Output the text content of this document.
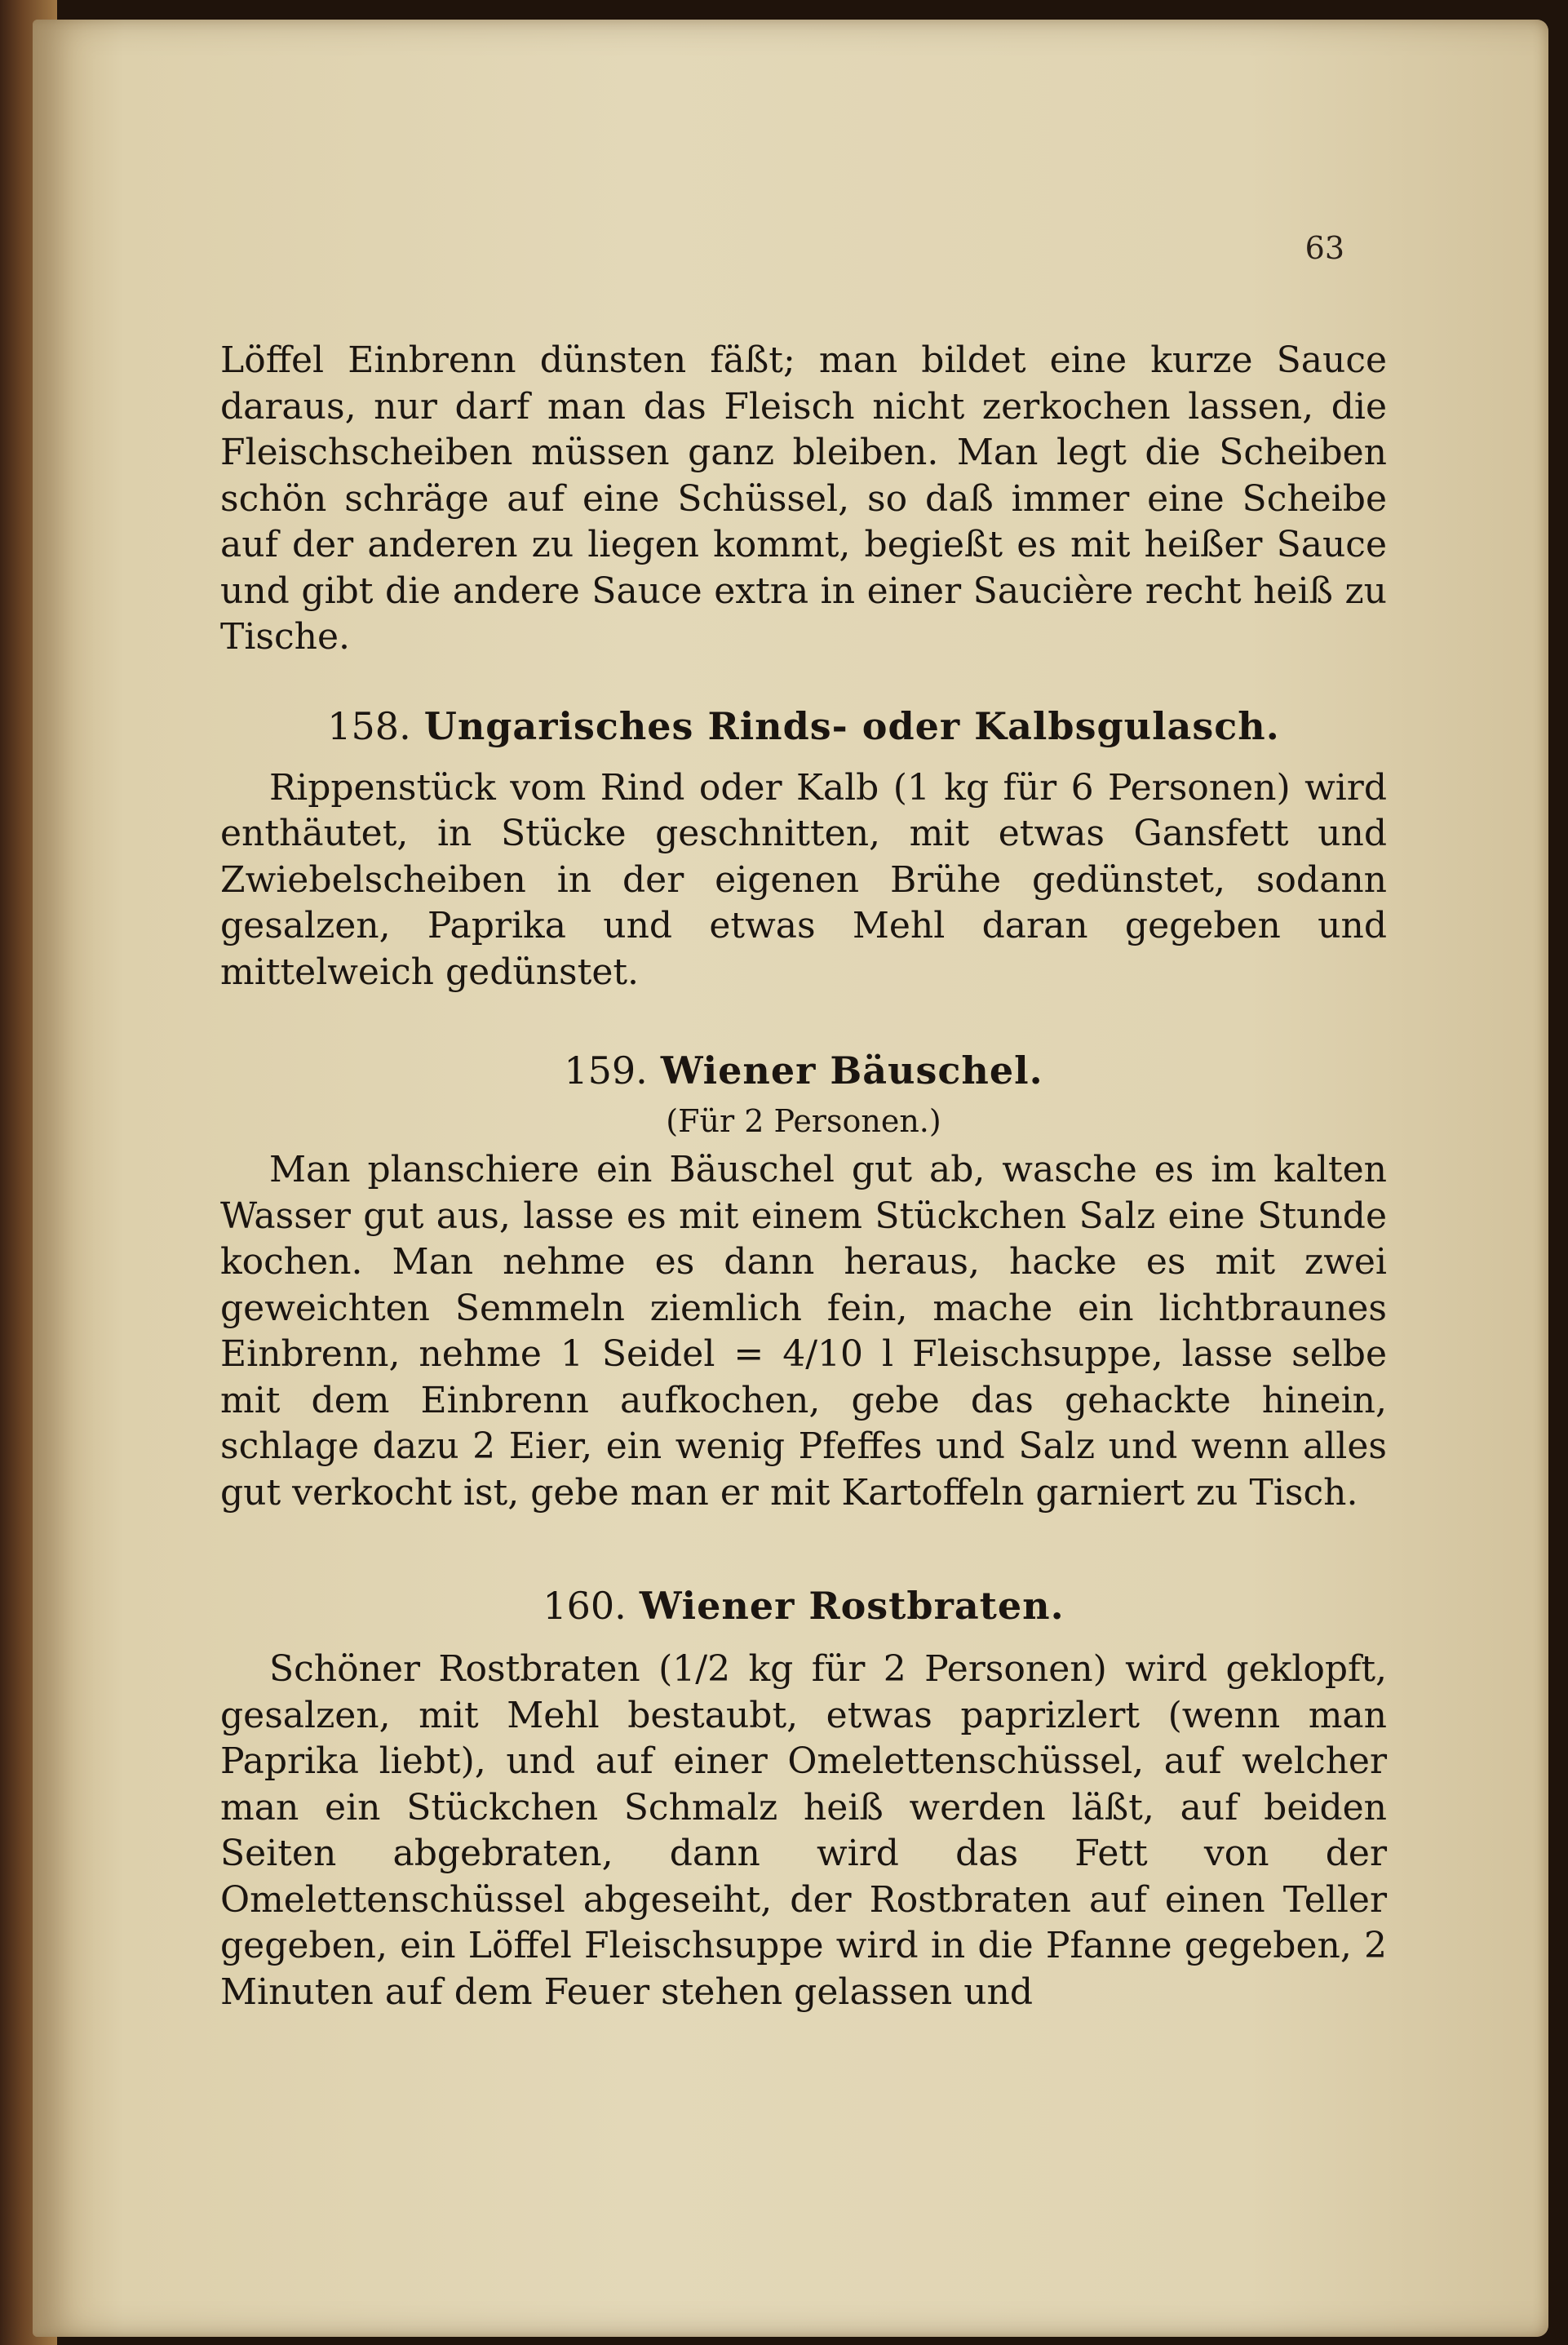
63

Löffel Einbrenn dünsten fäßt; man bildet eine kurze Sauce daraus, nur darf man das Fleisch nicht zerkochen lassen, die Fleischscheiben müssen ganz bleiben. Man legt die Scheiben schön schräge auf eine Schüssel, so daß immer eine Scheibe auf der anderen zu liegen kommt, begießt es mit heißer Sauce und gibt die andere Sauce extra in einer Saucière recht heiß zu Tische.

158. Ungarisches Rinds- oder Kalbsgulasch.

Rippenstück vom Rind oder Kalb (1 kg für 6 Personen) wird enthäutet, in Stücke geschnitten, mit etwas Gansfett und Zwiebelscheiben in der eigenen Brühe gedünstet, sodann gesalzen, Paprika und etwas Mehl daran gegeben und mittelweich gedünstet.

159. Wiener Bäuschel.
(Für 2 Personen.)

Man planschiere ein Bäuschel gut ab, wasche es im kalten Wasser gut aus, lasse es mit einem Stückchen Salz eine Stunde kochen. Man nehme es dann heraus, hacke es mit zwei geweichten Semmeln ziemlich fein, mache ein lichtbraunes Einbrenn, nehme 1 Seidel = 4/10 l Fleischsuppe, lasse selbe mit dem Einbrenn aufkochen, gebe das gehackte hinein, schlage dazu 2 Eier, ein wenig Pfeffes und Salz und wenn alles gut verkocht ist, gebe man er mit Kartoffeln garniert zu Tisch.

160. Wiener Rostbraten.

Schöner Rostbraten (1/2 kg für 2 Personen) wird geklopft, gesalzen, mit Mehl bestaubt, etwas paprizlert (wenn man Paprika liebt), und auf einer Omelettenschüssel, auf welcher man ein Stückchen Schmalz heiß werden läßt, auf beiden Seiten abgebraten, dann wird das Fett von der Omelettenschüssel abgeseiht, der Rostbraten auf einen Teller gegeben, ein Löffel Fleischsuppe wird in die Pfanne gegeben, 2 Minuten auf dem Feuer stehen gelassen und
